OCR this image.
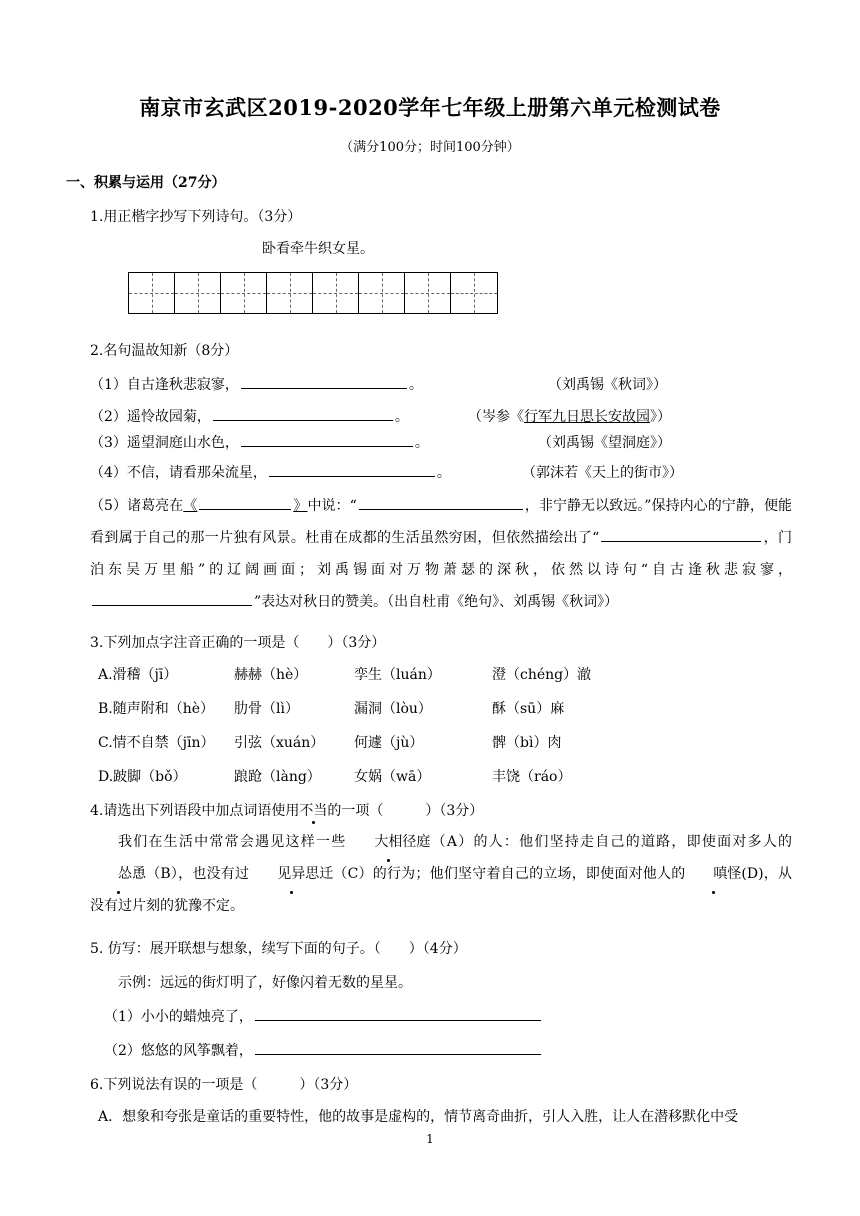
南京市玄武区2019-2020学年七年级上册第六单元检测试卷
（满分100分；时间100分钟）
一、积累与运用（27分）
1.用正楷字抄写下列诗句。（3分）
卧看牵牛织女星。
2.名句温故知新（8分）
（1）自古逢秋悲寂寥，	。	（刘禹锡《秋词》）
（2）遥怜故园菊，	。	（岑参《行军九日思长安故园》）
（3）遥望洞庭山水色，	。	（刘禹锡《望洞庭》）
（4）不信，请看那朵流星，	。	（郭沫若《天上的街市》）
（5）诸葛亮在《	》中说：“	，非宁静无以致远。”保持内心的宁静，便能看到属于自己的那一片独有风景。杜甫在成都的生活虽然穷困，但依然描绘出了“	，门泊东吴万里船”的辽阔画面；刘禹锡面对万物萧瑟的深秋，依然以诗句“自古逢秋悲寂寥，”表达对秋日的赞美。（出自杜甫《绝句》、刘禹锡《秋词》）
3.下列加点字注音正确的一项是（　　）（3分）
A.滑稽（jī）	赫赫（hè）	孪生（luán）	澄（chéng）澈
B.随声附和（hè） 肋骨（lì）	漏洞（lòu）	酥（sū）麻
C.情不自禁（jīn） 引弦（xuán） 何遽（jù）	髀（bì）肉
D.跛脚（bǒ）	踉跄（làng） 女娲（wā）	丰饶（ráo）
4.请选出下列语段中加点词语使用不当的一项（　　　）（3分）
我们在生活中常常会遇见这样一些 大相径庭（A）的人：他们坚持走自己的道路，即使面对多人的怂恿（B），也没有过 见异思迁（C）的行为；他们坚守着自己的立场，即使面对他人的 嗔怪(D)，从没有过片刻的犹豫不定。
5. 仿写：展开联想与想象，续写下面的句子。（　　）（4分）
示例：远远的街灯明了，好像闪着无数的星星。
（1）小小的蜡烛亮了，
（2）悠悠的风筝飘着，
6.下列说法有误的一项是（　　　）（3分）
A．想象和夸张是童话的重要特性，他的故事是虚构的，情节离奇曲折，引人入胜，让人在潜移默化中受
1
